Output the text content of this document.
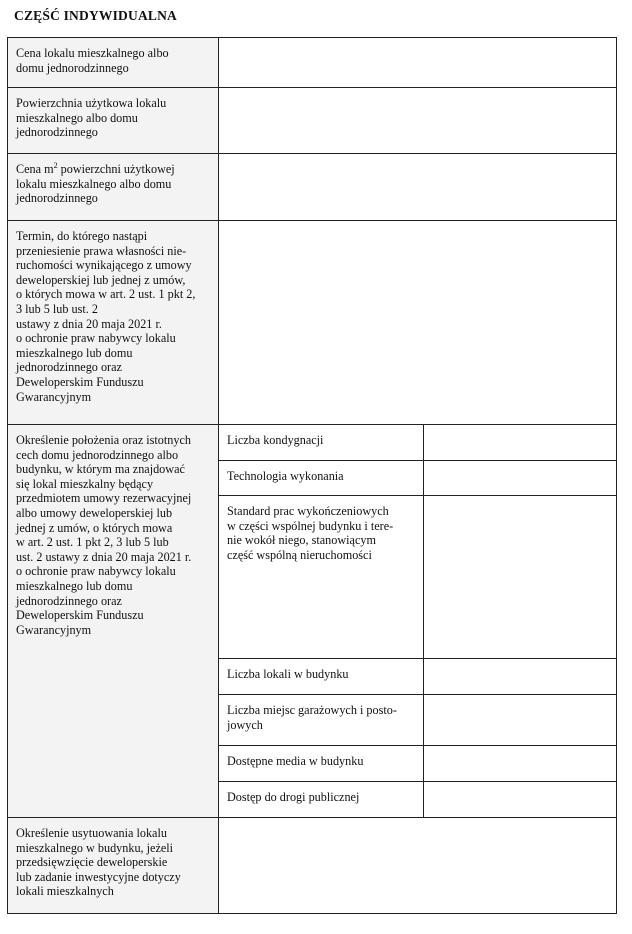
CZĘŚĆ INDYWIDUALNA
Cena lokalu mieszkalnego albo
domu jednorodzinnego
Powierzchnia użytkowa lokalu
mieszkalnego albo domu
jednorodzinnego
Cena $m^2$ powierzchni użytkowej
lokalu mieszkalnego albo domu
jednorodzinnego
Termin, do którego nastąpi
przeniesienie prawa własności nie-
ruchomości wynikającego z umowy
deweloperskiej lub jednej z umów,
o których mowa w art. 2 ust. 1 pkt 2,
3 lub 5 lub ust. 2
ustawy z dnia 20 maja 2021 r.
o ochronie praw nabywcy lokalu
mieszkalnego lub domu
jednorodzinnego oraz
Deweloperskim Funduszu
Gwarancyjnym
Określenie położenia oraz istotnych
cech domu jednorodzinnego albo
budynku, w którym ma znajdować
się lokal mieszkalny będący
przedmiotem umowy rezerwacyjnej
albo umowy deweloperskiej lub
jednej z umów, o których mowa
w art. 2 ust. 1 pkt 2, 3 lub 5 lub
ust. 2 ustawy z dnia 20 maja 2021 r.
o ochronie praw nabywcy lokalu
mieszkalnego lub domu
jednorodzinnego oraz
Deweloperskim Funduszu
Gwarancyjnym
Liczba kondygnacji
Technologia wykonania
Standard prac wykończeniowych
w części wspólnej budynku i tere-
nie wokół niego, stanowiącym
część wspólną nieruchomości
Liczba lokali w budynku
Liczba miejsc garażowych i posto-
jowych
Dostępne media w budynku
Dostęp do drogi publicznej
Określenie usytuowania lokalu
mieszkalnego w budynku, jeżeli
przedsięwzięcie deweloperskie
lub zadanie inwestycyjne dotyczy
lokali mieszkalnych
